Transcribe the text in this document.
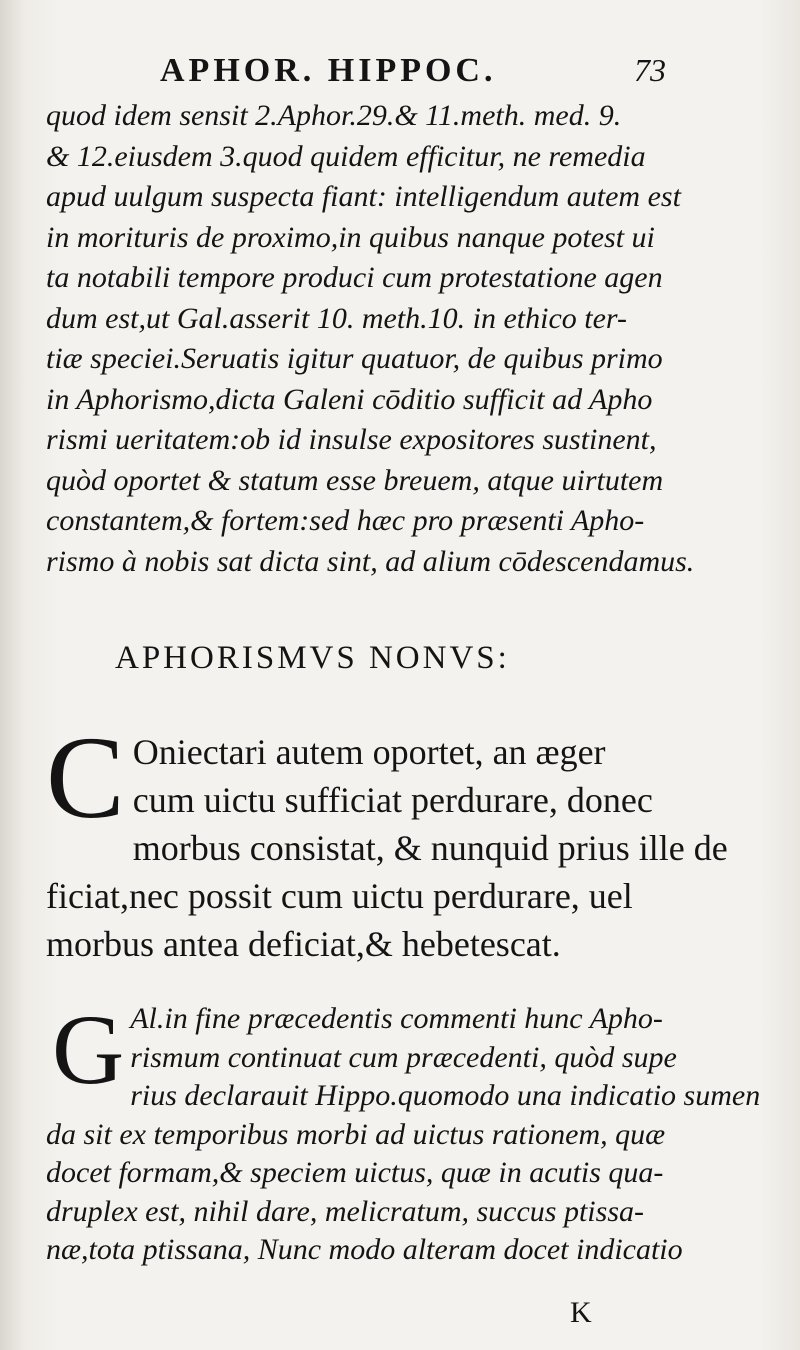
APHOR. HIPPOC.	73
quod idem sensit 2.Aphor.29.& 11.meth. med. 9.
& 12.eiusdem 3.quod quidem efficitur, ne remedia
apud uulgum suspecta fiant: intelligendum autem est
in morituris de proximo,in quibus nanque potest ui
ta notabili tempore produci cum protestatione agen
dum est,ut Gal.asserit 10. meth.10. in ethico ter-
tiæ speciei.Seruatis igitur quatuor, de quibus primo
in Aphorismo,dicta Galeni cōditio sufficit ad Apho
rismi ueritatem:ob id insulse expositores sustinent,
quòd oportet & statum esse breuem, atque uirtutem
constantem,& fortem:sed hæc pro præsenti Apho-
rismo à nobis sat dicta sint, ad alium cōdescendamus.
APHORISMVS NONVS:
C Oniectari autem oportet, an æger
cum uictu sufficiat perdurare, donec
morbus consistat, & nunquid prius ille de
ficiat,nec possit cum uictu perdurare, uel
morbus antea deficiat,& hebetescat.
G Al.in fine præcedentis commenti hunc Apho-
rismum continuat cum præcedenti, quòd supe
rius declarauit Hippo.quomodo una indicatio sumen
da sit ex temporibus morbi ad uictus rationem, quæ
docet formam,& speciem uictus, quæ in acutis qua-
druplex est, nihil dare, melicratum, succus ptissa-
næ,tota ptissana, Nunc modo alteram docet indicatio
K
